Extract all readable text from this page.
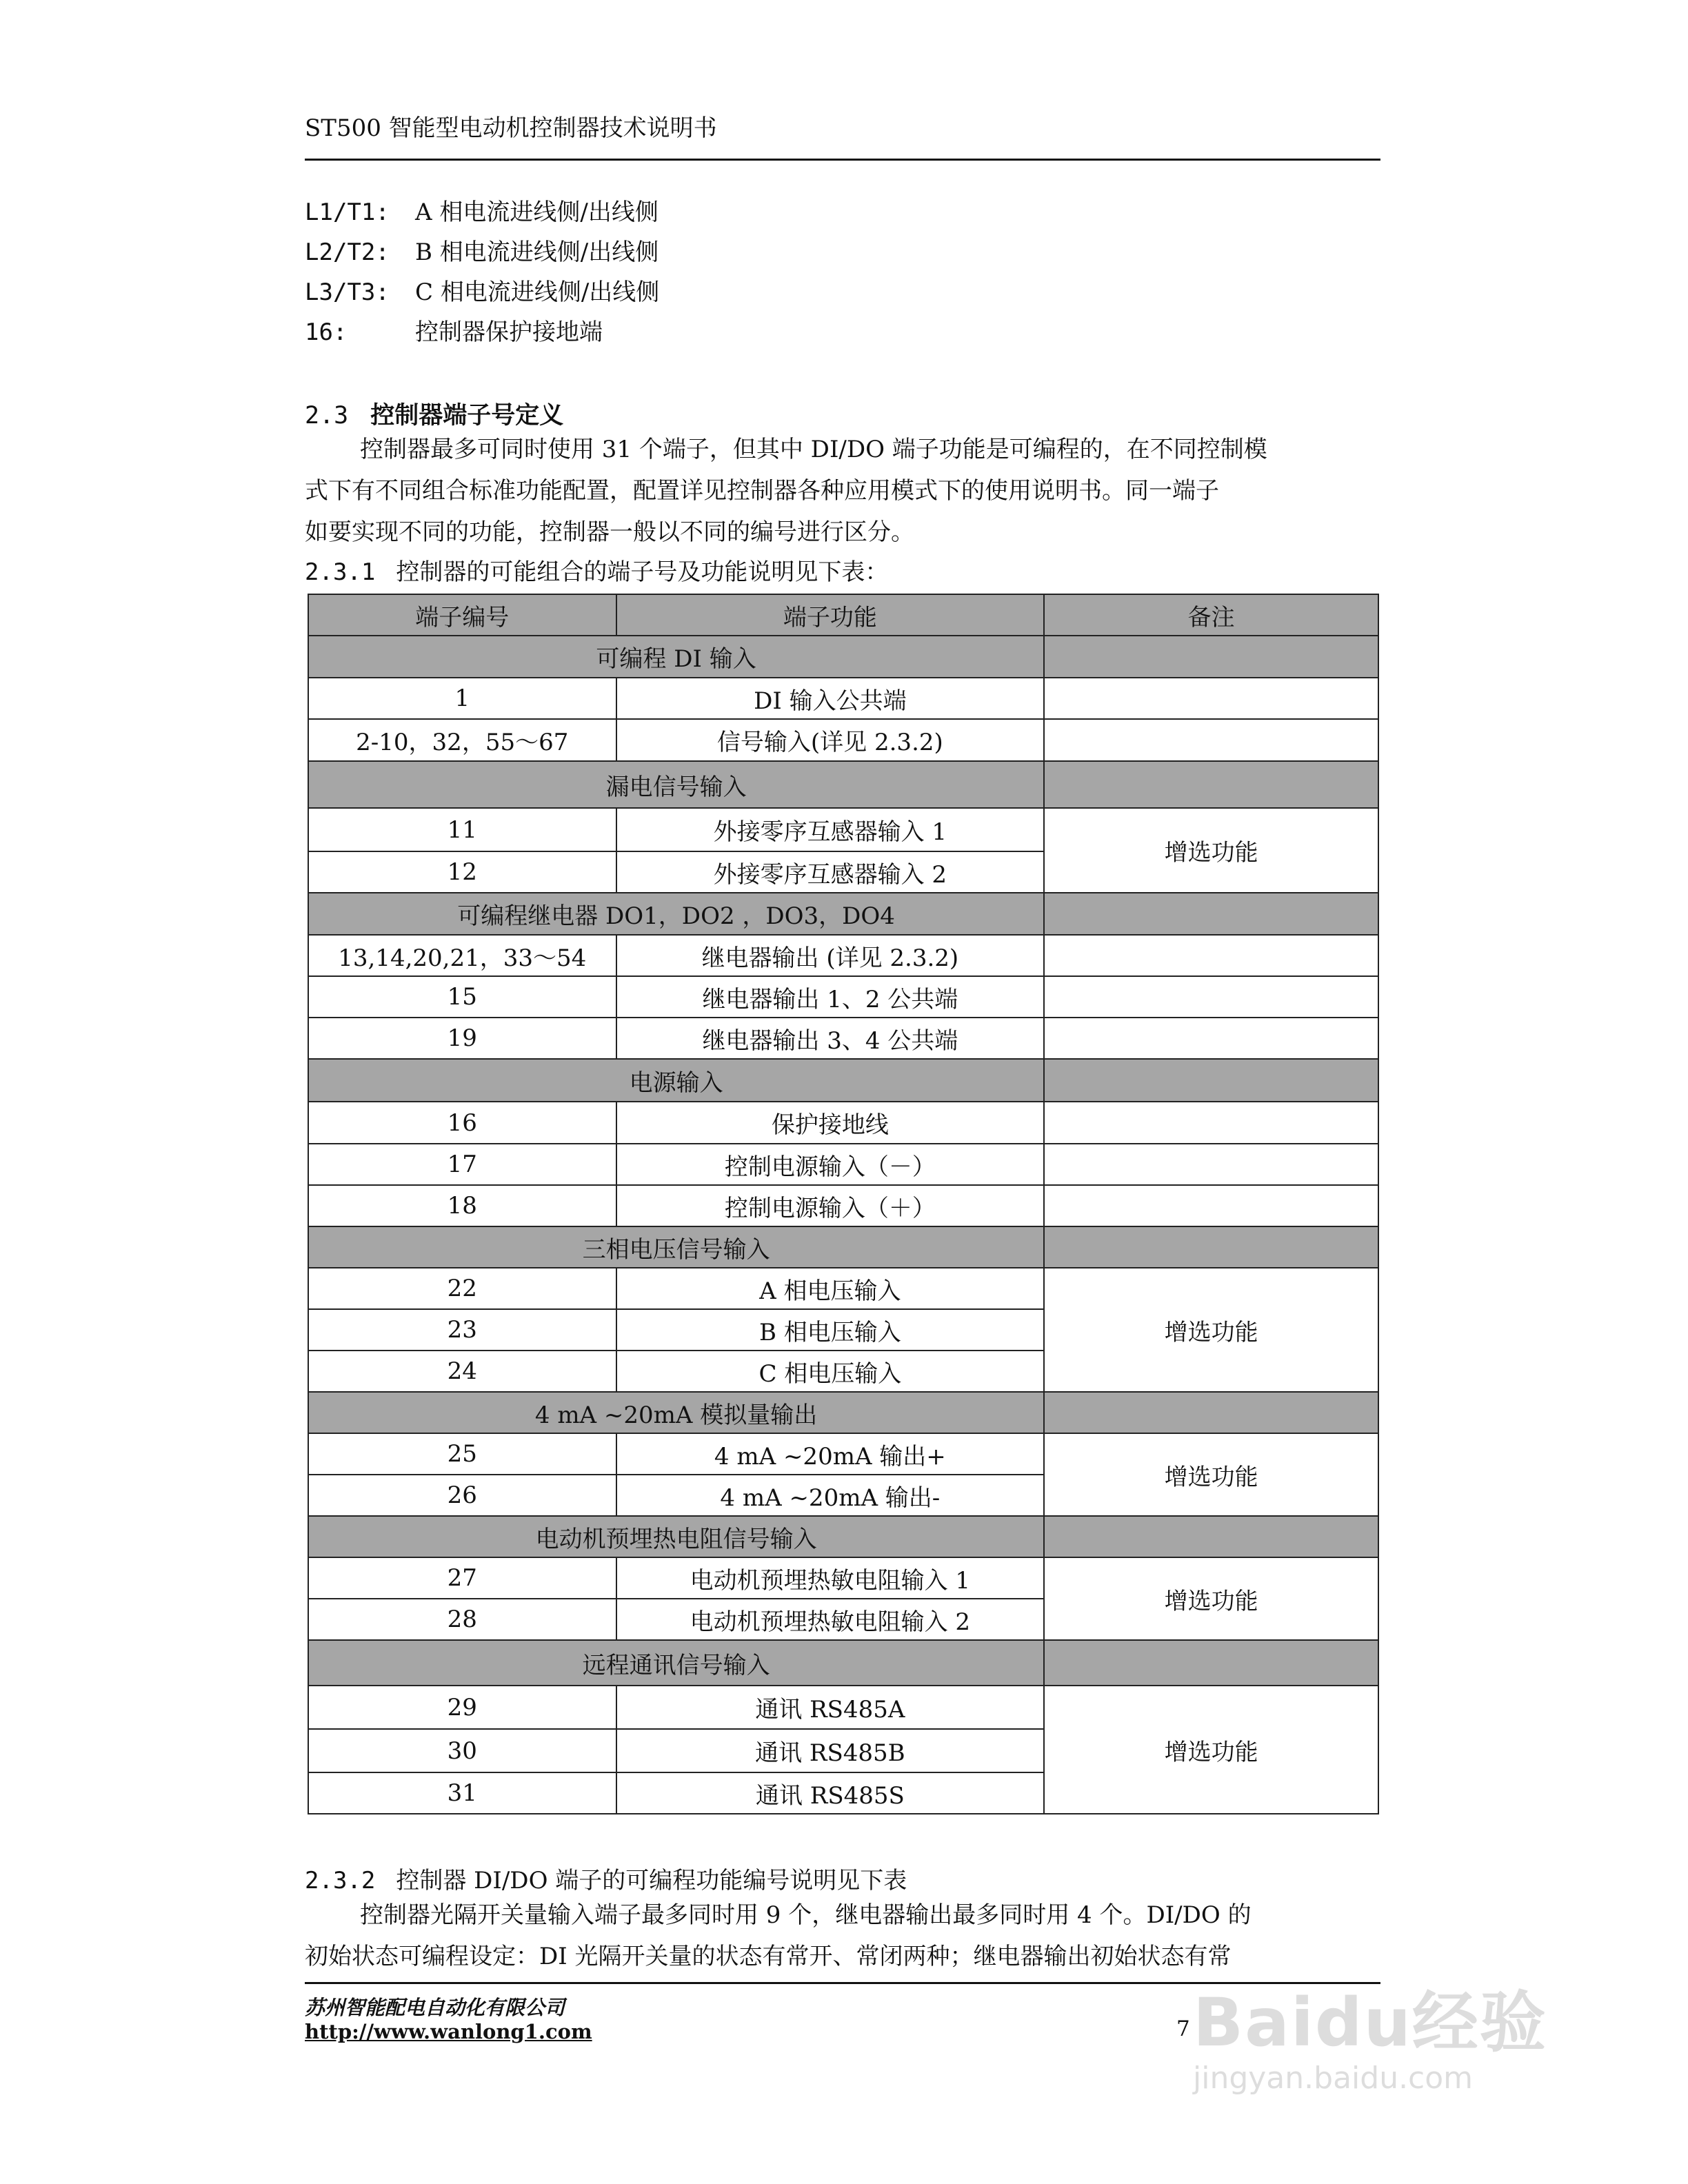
ST500 智能型电动机控制器技术说明书
L1/T1: A 相电流进线侧/出线侧
L2/T2: B 相电流进线侧/出线侧
L3/T3: C 相电流进线侧/出线侧
16:	控制器保护接地端
2.3 控制器端子号定义

控制器最多可同时使用 31 个端子，但其中 DI/DO 端子功能是可编程的，在不同控制模

式下有不同组合标准功能配置，配置详见控制器各种应用模式下的使用说明书。同一端子

如要实现不同的功能，控制器一般以不同的编号进行区分。

2.3.1 控制器的可能组合的端子号及功能说明见下表：
端子编号	端子功能	备注
可编程 DI 输入		
1	DI 输入公共端	
2-10，32，55～67	信号输入(详见 2.3.2)	
漏电信号输入		
11	外接零序互感器输入 1	增选功能
12	外接零序互感器输入 2	
可编程继电器 DO1，DO2 ，DO3，DO4		
13,14,20,21，33～54	继电器输出 (详见 2.3.2)	
15	继电器输出 1、2 公共端	
19	继电器输出 3、4 公共端	
电源输入		
16	保护接地线	
17	控制电源输入（－）	
18	控制电源输入（＋）	
三相电压信号输入		
22	A 相电压输入	增选功能
23	B 相电压输入	
24	C 相电压输入	
4 mA ~20mA 模拟量输出		
25	4 mA ~20mA 输出+	增选功能
26	4 mA ~20mA 输出-	
电动机预埋热电阻信号输入		
27	电动机预埋热敏电阻输入 1	增选功能
28	电动机预埋热敏电阻输入 2	
远程通讯信号输入		
29	通讯 RS485A	增选功能
30	通讯 RS485B	
31	通讯 RS485S	
2.3.2 控制器 DI/DO 端子的可编程功能编号说明见下表

控制器光隔开关量输入端子最多同时用 9 个，继电器输出最多同时用 4 个。DI/DO 的

初始状态可编程设定：DI 光隔开关量的状态有常开、常闭两种；继电器输出初始状态有常

苏州智能配电自动化有限公司
http://www.wanlong1.com	7 Baidu经验
jingyan.baidu.com
